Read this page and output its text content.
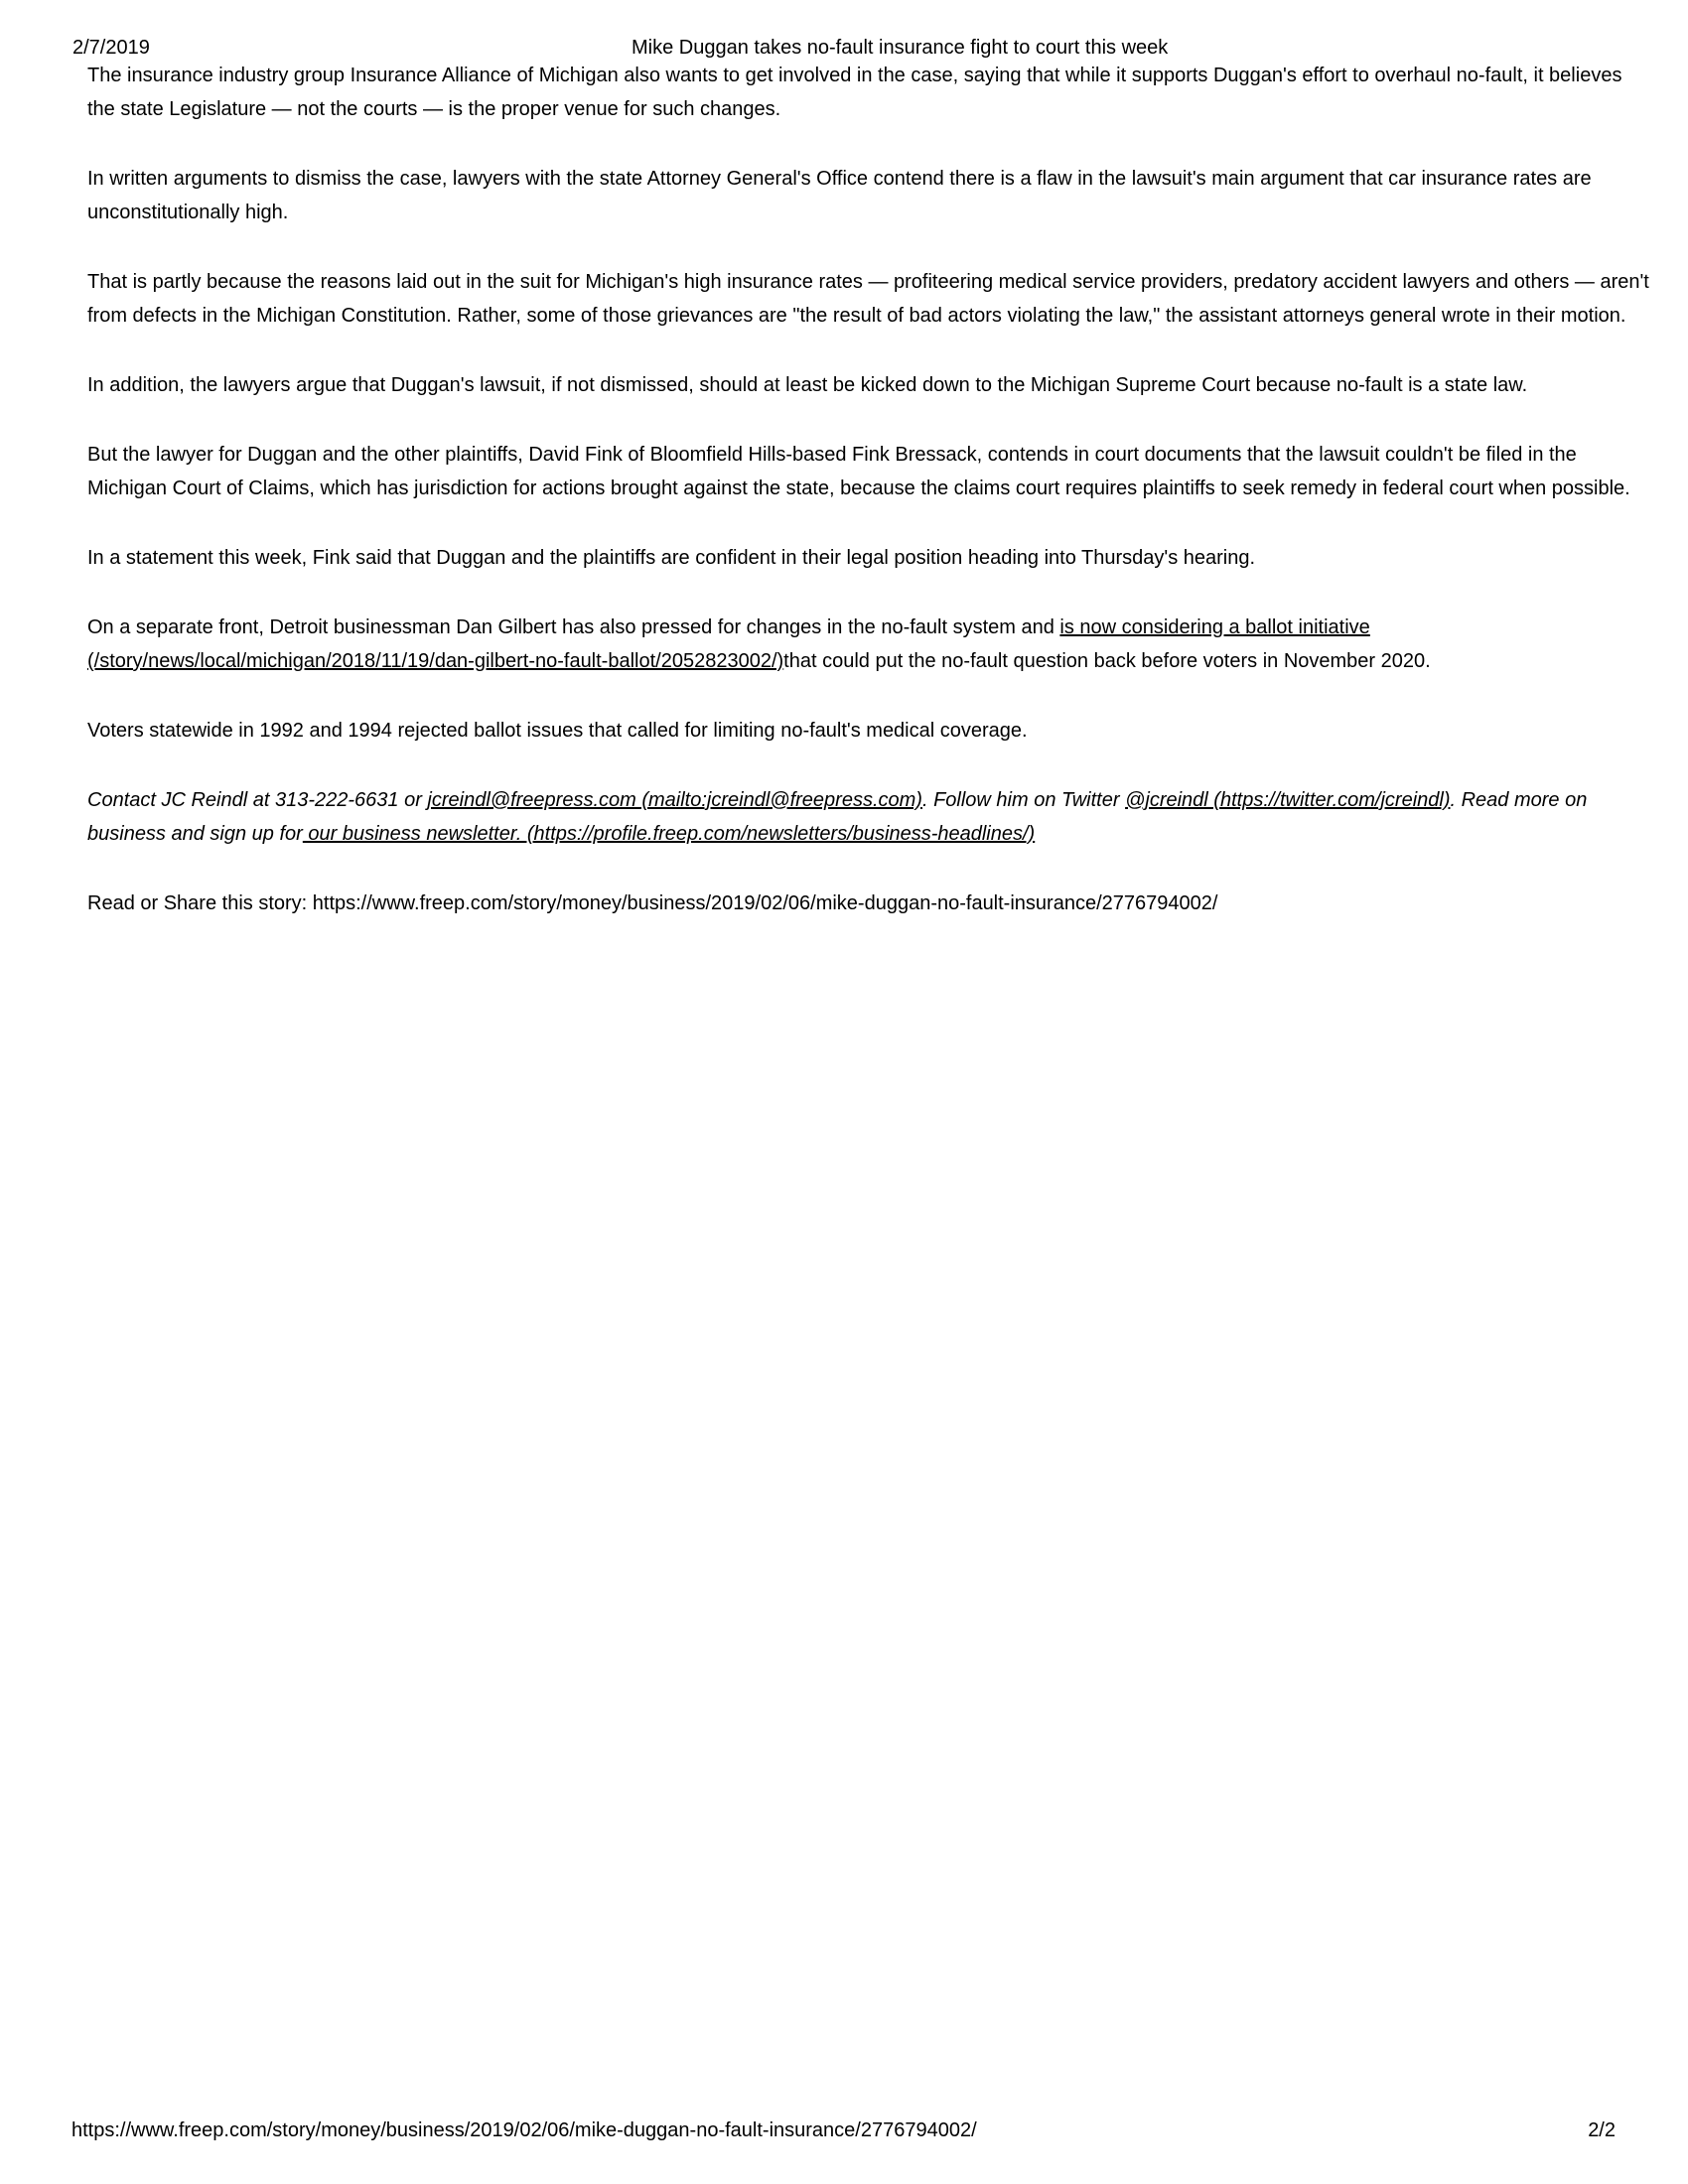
2/7/2019	Mike Duggan takes no-fault insurance fight to court this week

The insurance industry group Insurance Alliance of Michigan also wants to get involved in the case, saying that while it supports Duggan's effort to overhaul no-fault, it believes the state Legislature — not the courts — is the proper venue for such changes.

In written arguments to dismiss the case, lawyers with the state Attorney General's Office contend there is a flaw in the lawsuit's main argument that car insurance rates are unconstitutionally high.

That is partly because the reasons laid out in the suit for Michigan's high insurance rates — profiteering medical service providers, predatory accident lawyers and others — aren't from defects in the Michigan Constitution. Rather, some of those grievances are "the result of bad actors violating the law," the assistant attorneys general wrote in their motion.

In addition, the lawyers argue that Duggan's lawsuit, if not dismissed, should at least be kicked down to the Michigan Supreme Court because no-fault is a state law.

But the lawyer for Duggan and the other plaintiffs, David Fink of Bloomfield Hills-based Fink Bressack, contends in court documents that the lawsuit couldn't be filed in the Michigan Court of Claims, which has jurisdiction for actions brought against the state, because the claims court requires plaintiffs to seek remedy in federal court when possible.

In a statement this week, Fink said that Duggan and the plaintiffs are confident in their legal position heading into Thursday's hearing.

On a separate front, Detroit businessman Dan Gilbert has also pressed for changes in the no-fault system and is now considering a ballot initiative (/story/news/local/michigan/2018/11/19/dan-gilbert-no-fault-ballot/2052823002/)that could put the no-fault question back before voters in November 2020.

Voters statewide in 1992 and 1994 rejected ballot issues that called for limiting no-fault's medical coverage.

Contact JC Reindl at 313-222-6631 or jcreindl@freepress.com (mailto:jcreindl@freepress.com). Follow him on Twitter @jcreindl (https://twitter.com/jcreindl). Read more on business and sign up for our business newsletter. (https://profile.freep.com/newsletters/business-headlines/)

Read or Share this story: https://www.freep.com/story/money/business/2019/02/06/mike-duggan-no-fault-insurance/2776794002/

https://www.freep.com/story/money/business/2019/02/06/mike-duggan-no-fault-insurance/2776794002/	2/2
